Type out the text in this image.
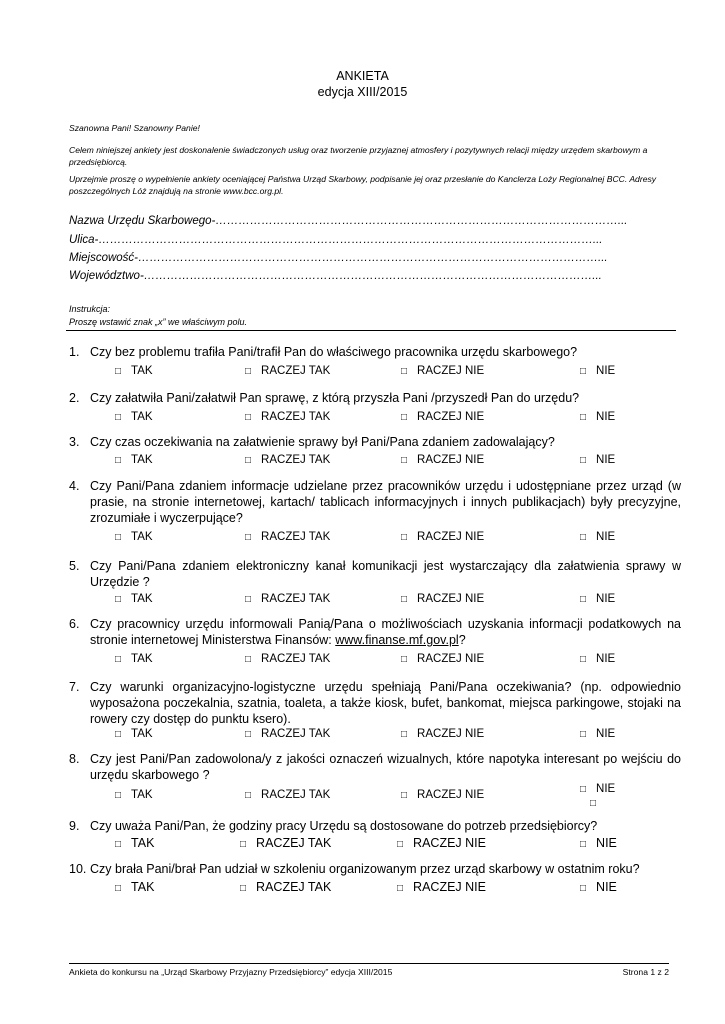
ANKIETA
edycja XIII/2015
Szanowna Pani! Szanowny Panie!
Celem niniejszej ankiety jest doskonalenie świadczonych usług oraz tworzenie przyjaznej atmosfery i pozytywnych relacji między urzędem skarbowym a przedsiębiorcą.
Uprzejmie proszę o wypełnienie ankiety oceniającej Państwa Urząd Skarbowy, podpisanie jej oraz przesłanie do Kanclerza Loży Regionalnej BCC. Adresy poszczególnych Lóż znajdują na stronie www.bcc.org.pl.
Nazwa Urzędu Skarbowego-……………………………………………………………………………………………...
Ulica-…………………………………………………………………………………………………………………...
Miejscowość-…………………………………………………………………………………………………………...
Województwo-………………………………………………………………………………………………………...
Instrukcja:
Proszę wstawić znak „x” we właściwym polu.
1. Czy bez problemu trafiła Pani/trafił Pan do właściwego pracownika urzędu skarbowego?
□ TAK	□ RACZEJ TAK	□ RACZEJ NIE	□ NIE
2. Czy załatwiła Pani/załatwił Pan sprawę, z którą przyszła Pani /przyszedł Pan do urzędu?
□ TAK	□ RACZEJ TAK	□ RACZEJ NIE	□ NIE
3. Czy czas oczekiwania na załatwienie sprawy był Pani/Pana zdaniem zadowalający?
□ TAK	□ RACZEJ TAK	□ RACZEJ NIE	□ NIE
4. Czy Pani/Pana zdaniem informacje udzielane przez pracowników urzędu i udostępniane przez urząd (w prasie, na stronie internetowej, kartach/ tablicach informacyjnych i innych publikacjach) były precyzyjne, zrozumiałe i wyczerpujące?
□ TAK	□ RACZEJ TAK	□ RACZEJ NIE	□ NIE
5. Czy Pani/Pana zdaniem elektroniczny kanał komunikacji jest wystarczający dla załatwienia sprawy w Urzędzie ?
□ TAK	□ RACZEJ TAK	□ RACZEJ NIE	□ NIE
6. Czy pracownicy urzędu informowali Panią/Pana o możliwościach uzyskania informacji podatkowych na stronie internetowej Ministerstwa Finansów: www.finanse.mf.gov.pl?
□ TAK	□ RACZEJ TAK	□ RACZEJ NIE	□ NIE
7. Czy warunki organizacyjno-logistyczne urzędu spełniają Pani/Pana oczekiwania? (np. odpowiednio wyposażona poczekalnia, szatnia, toaleta, a także kiosk, bufet, bankomat, miejsca parkingowe, stojaki na rowery czy dostęp do punktu ksero).
□ TAK	□ RACZEJ TAK	□ RACZEJ NIE	□ NIE
8. Czy jest Pani/Pan zadowolona/y z jakości oznaczeń wizualnych, które napotyka interesant po wejściu do urzędu skarbowego ?
□ TAK	□ RACZEJ TAK	□ RACZEJ NIE	□ NIE
□
9. Czy uważa Pani/Pan, że godziny pracy Urzędu są dostosowane do potrzeb przedsiębiorcy?
□ TAK	□ RACZEJ TAK	□ RACZEJ NIE	□ NIE
10. Czy brała Pani/brał Pan udział w szkoleniu organizowanym przez urząd skarbowy w ostatnim roku?
□ TAK	□ RACZEJ TAK	□ RACZEJ NIE	□ NIE
Ankieta do konkursu na „Urząd Skarbowy Przyjazny Przedsiębiorcy” edycja XIII/2015	Strona 1 z 2
